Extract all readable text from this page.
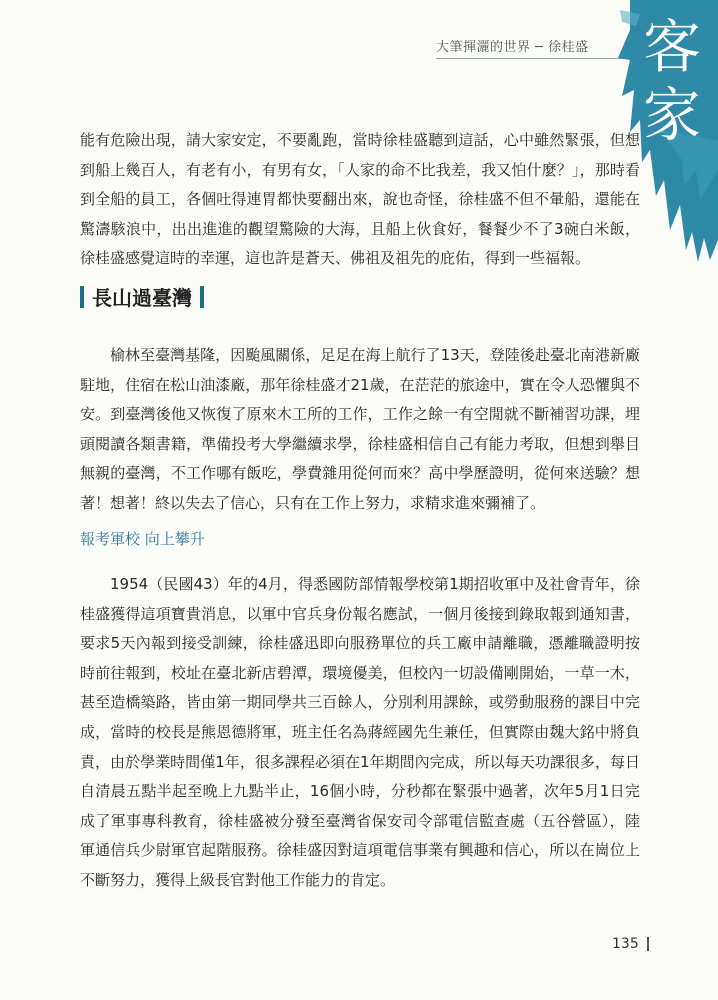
大筆揮灑的世界 ─ 徐桂盛 客
家

能有危險出現，請大家安定，不要亂跑，當時徐桂盛聽到這話，心中雖然緊張，但想到船上幾百人，有老有小，有男有女，「人家的命不比我差，我又怕什麼？」，那時看到全船的員工，各個吐得連胃都快要翻出來，說也奇怪，徐桂盛不但不暈船，還能在驚濤駭浪中，出出進進的觀望驚險的大海，且船上伙食好，餐餐少不了3碗白米飯，徐桂盛感覺這時的幸運，這也許是蒼天、佛祖及祖先的庇佑，得到一些福報。

長山過臺灣

榆林至臺灣基隆，因颱風關係，足足在海上航行了13天，登陸後赴臺北南港新廠駐地，住宿在松山油漆廠，那年徐桂盛才21歲，在茫茫的旅途中，實在令人恐懼與不安。到臺灣後他又恢復了原來木工所的工作，工作之餘一有空閒就不斷補習功課，埋頭閱讀各類書籍，準備投考大學繼續求學，徐桂盛相信自己有能力考取，但想到舉目無親的臺灣，不工作哪有飯吃，學費雜用從何而來？高中學歷證明，從何來送驗？想著！想著！終以失去了信心，只有在工作上努力，求精求進來彌補了。

報考軍校 向上攀升

1954（民國43）年的4月，得悉國防部情報學校第1期招收軍中及社會青年，徐桂盛獲得這項寶貴消息，以軍中官兵身份報名應試，一個月後接到錄取報到通知書，要求5天內報到接受訓練，徐桂盛迅即向服務單位的兵工廠申請離職，憑離職證明按時前往報到，校址在臺北新店碧潭，環境優美，但校內一切設備剛開始，一草一木，甚至造橋築路，皆由第一期同學共三百餘人，分別利用課餘，或勞動服務的課目中完成，當時的校長是熊恩德將軍，班主任名為蔣經國先生兼任，但實際由魏大銘中將負責，由於學業時間僅1年，很多課程必須在1年期間內完成，所以每天功課很多，每日自清晨五點半起至晚上九點半止，16個小時，分秒都在緊張中過著，次年5月1日完成了軍事專科教育，徐桂盛被分發至臺灣省保安司令部電信監查處（五谷營區），陸軍通信兵少尉軍官起階服務。徐桂盛因對這項電信事業有興趣和信心，所以在崗位上不斷努力，獲得上級長官對他工作能力的肯定。

135
